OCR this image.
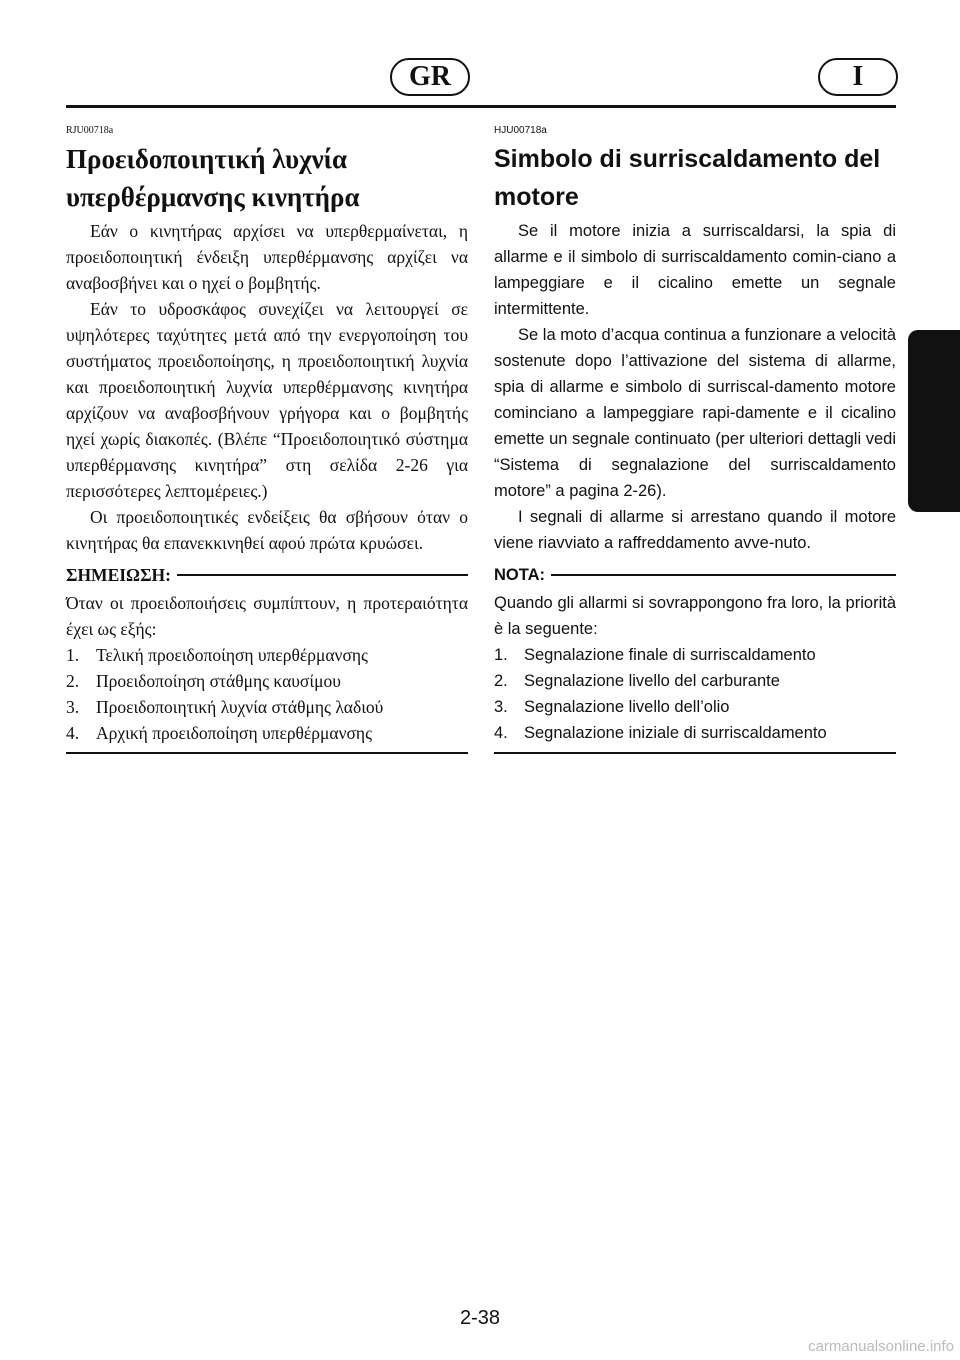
GR	I
RJU00718a
Προειδοποιητική λυχνία
υπερθέρμανσης κινητήρα

Εάν ο κινητήρας αρχίσει να υπερθερμαίνεται, η προειδοποιητική ένδειξη υπερθέρμανσης αρχίζει να αναβοσβήνει και ο ηχεί ο βομβητής.

Εάν το υδροσκάφος συνεχίζει να λειτουργεί σε υψηλότερες ταχύτητες μετά από την ενεργοποίηση του συστήματος προειδοποίησης, η προειδοποιητική λυχνία και προειδοποιητική λυχνία υπερθέρμανσης κινητήρα αρχίζουν να αναβοσβήνουν γρήγορα και ο βομβητής ηχεί χωρίς διακοπές. (Βλέπε “Προειδοποιητικό σύστημα υπερθέρμανσης κινητήρα” στη σελίδα 2-26 για περισσότερες λεπτομέρειες.)

Οι προειδοποιητικές ενδείξεις θα σβήσουν όταν ο κινητήρας θα επανεκκινηθεί αφού πρώτα κρυώσει.

ΣΗΜΕΙΩΣΗ:

Όταν οι προειδοποιήσεις συμπίπτουν, η προτεραιότητα έχει ως εξής:

1. Τελική προειδοποίηση υπερθέρμανσης
2. Προειδοποίηση στάθμης καυσίμου
3. Προειδοποιητική λυχνία στάθμης λαδιού
4. Αρχική προειδοποίηση υπερθέρμανσης
HJU00718a
Simbolo di surriscaldamento del
motore

Se il motore inizia a surriscaldarsi, la spia di allarme e il simbolo di surriscaldamento comin-ciano a lampeggiare e il cicalino emette un segnale intermittente.

Se la moto d’acqua continua a funzionare a velocità sostenute dopo l’attivazione del sistema di allarme, spia di allarme e simbolo di surriscal-damento motore cominciano a lampeggiare rapi-damente e il cicalino emette un segnale continuato (per ulteriori dettagli vedi “Sistema di segnalazione del surriscaldamento motore” a pagina 2-26).

I segnali di allarme si arrestano quando il motore viene riavviato a raffreddamento avve-nuto.

NOTA:

Quando gli allarmi si sovrappongono fra loro, la priorità è la seguente:

1. Segnalazione finale di surriscaldamento
2. Segnalazione livello del carburante
3. Segnalazione livello dell’olio
4. Segnalazione iniziale di surriscaldamento
2-38
carmanualsonline.info
